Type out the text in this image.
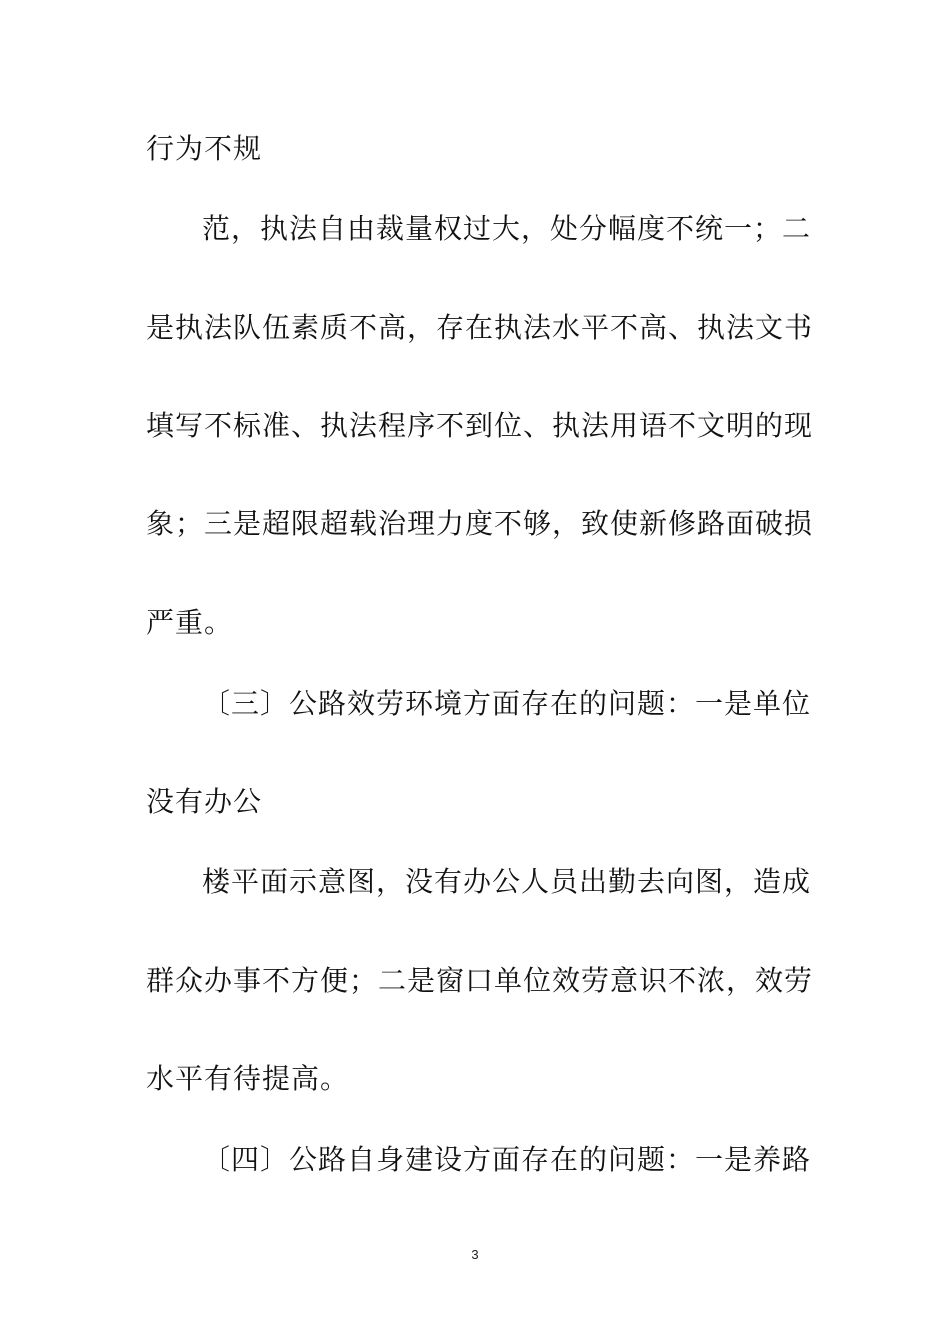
行为不规
范，执法自由裁量权过大，处分幅度不统一；二
是执法队伍素质不高，存在执法水平不高、执法文书
填写不标准、执法程序不到位、执法用语不文明的现
象；三是超限超载治理力度不够，致使新修路面破损
严重。
〔三〕公路效劳环境方面存在的问题：一是单位
没有办公
楼平面示意图，没有办公人员出勤去向图，造成
群众办事不方便；二是窗口单位效劳意识不浓，效劳
水平有待提高。
〔四〕公路自身建设方面存在的问题：一是养路
3
